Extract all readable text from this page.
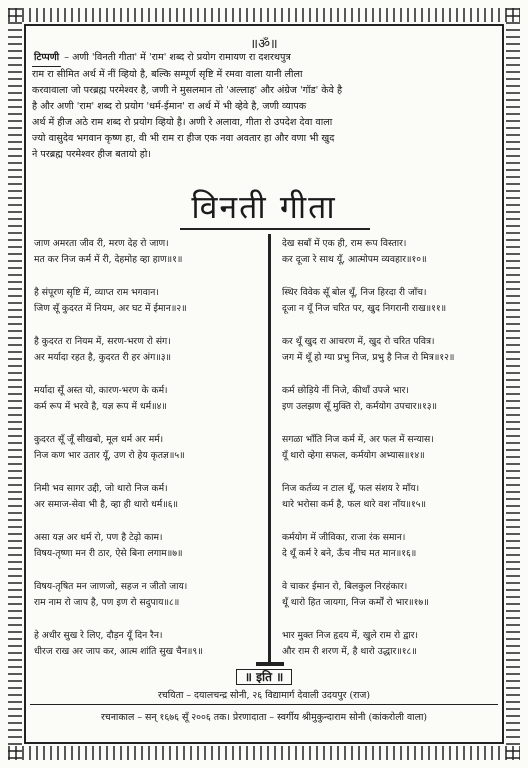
॥ॐ॥
टिप्पणी – अणी 'विनती गीता' में 'राम' शब्द रो प्रयोग रामायण रा दशरथपुत्र
राम रा सीमित अर्थ में नीं व्हियो है, बल्कि सम्पूर्ण सृष्टि में रमवा वाला यानी लीला
करवावाला जो परब्रह्म परमेश्वर है, जणी ने मुसलमान तो 'अल्लाह' और अंग्रेज 'गॉड' केवे है
है और अणी 'राम' शब्द रो प्रयोग 'धर्म-ईमान' रा अर्थ में भी व्हेवे है, जणी व्यापक
अर्थ में हीज अठे राम शब्द रो प्रयोग व्हियो है। अणी रे अलावा, गीता रो उपदेश देवा वाला
ज्यो वासुदेव भगवान कृष्ण हा, वी भी राम रा हीज एक नवा अवतार हा और वणा भी खुद
ने परब्रह्म परमेश्वर हीज बतायो हो।
विनती गीता
जाण अमरता जीव री, मरण देह रो जाण।
मत कर निज कर्म में री, देहमोह व्हा हाण॥१॥
है संपूरण सृष्टि में, व्याप्त राम भगवान।
जिण सूँ कुदरत में नियम, अर घट में ईमान॥२॥
है कुदरत रा नियम में, सरण-भरण रो संग।
अर मर्यादा रहत है, कुदरत री हर अंग॥३॥
मर्यादा सूँ अस्त यो, कारण-भरण के कर्म।
कर्म रूप में भरवे है, यज्ञ रूप में धर्म॥४॥
कुदरत सूँ जूँ सीखबो, मूल धर्म अर मर्म।
निज कण भार उतार यूँ, उण रो हेय कृतज्ञ॥५॥
निमी भव सागर उद्दी, जो थारो निज कर्म।
अर समाज-सेवा भी है, व्हा ही थारो धर्म॥६॥
असा यज्ञ अर धर्म रो, पण है टेढ़ो काम।
विषय-तृष्णा मन री ठार, ऐसे बिना लगाम॥७॥
विषय-तृषित मन जाणजो, सहज न जीतो जाय।
राम नाम रो जाप है, पण इण रो सदुपाय॥८॥
हे अधीर सुख रे लिए, दौड़न यूँ दिन रैन।
धीरज राख अर जाप कर, आत्म शांति सुख चैन॥९॥
देख सबाँ में एक ही, राम रूप विस्तार।
कर दूजा रे साथ यूँ, आत्मोपम व्यवहार॥१०॥
स्थिर विवेक सूँ बोल थूँ, निज हिरदा री जाँच।
दूजा न यूँ निज चरित पर, खुद निगरानी राख॥११॥
कर थूँ खुद रा आचरण में, खुद रो चरित पवित्र।
जग में थूँ हो ग्या प्रभु निज, प्रभु है निज रो मित्र॥१२॥
कर्म छोड़िये नीं निजे, कीधाँ उपजे भार।
इण उलझण सूँ मुक्ति रो, कर्मयोग उपचार॥१३॥
सगळा भाँति निज कर्म में, अर फल में सन्यास।
यूँ थारो व्हेगा सफल, कर्मयोग अभ्यास॥१४॥
निज कर्तव्य न टाल थूँ, फल संशय रे माँय।
थारे भरोसा कर्म है, फल थारे वश नाँय॥१५॥
कर्मयोग में जीविका, राजा रंक समान।
दे थूँ कर्म रे बने, ऊँच नीच मत मान॥१६॥
वे चाकर ईमान रो, बिलकुल निरहंकार।
थूँ थारो हित जायगा, निज कर्मों रो भार॥१७॥
भार मुक्त निज हृदय में, खुले राम रो द्वार।
और राम री शरण में, है थारो उद्धार॥१८॥
॥ इति ॥
रचयिता – दयालचन्द्र सोनी, २६ विद्यामार्ग देवाली उदयपुर (राज)
रचनाकाल – सन् १६७६ सूँ २००६ तक। प्रेरणादाता – स्वर्गीय श्रीमुकुन्दाराम सोनी (कांकरोली वाला)
